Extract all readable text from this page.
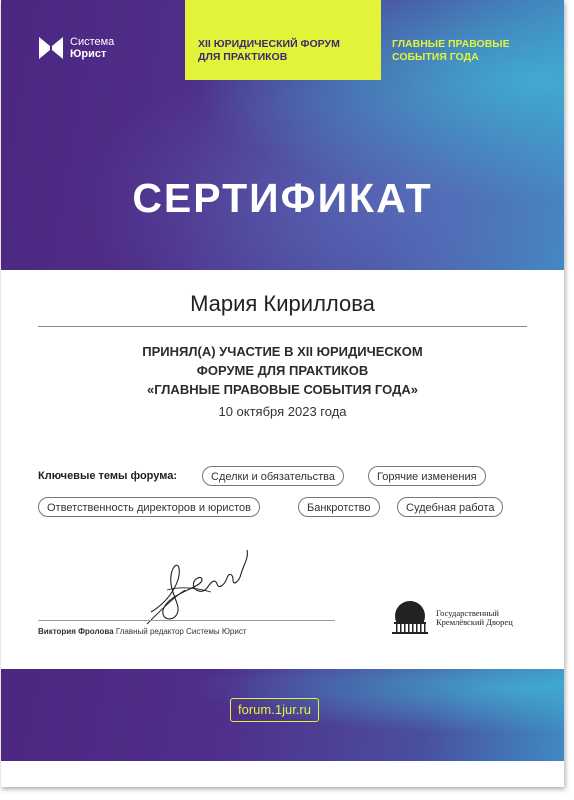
Система
Юрист
XII ЮРИДИЧЕСКИЙ ФОРУМ
ДЛЯ ПРАКТИКОВ
ГЛАВНЫЕ ПРАВОВЫЕ
СОБЫТИЯ ГОДА
СЕРТИФИКАТ
Мария Кириллова
ПРИНЯЛ(А) УЧАСТИЕ В XII ЮРИДИЧЕСКОМ
ФОРУМЕ ДЛЯ ПРАКТИКОВ
«ГЛАВНЫЕ ПРАВОВЫЕ СОБЫТИЯ ГОДА»
10 октября 2023 года
Ключевые темы форума:	Сделки и обязательства	Горячие изменения
Ответственность директоров и юристов	Банкротство	Судебная работа
Виктория Фролова Главный редактор Системы Юрист
Государственный
Кремлёвский Дворец
forum.1jur.ru
